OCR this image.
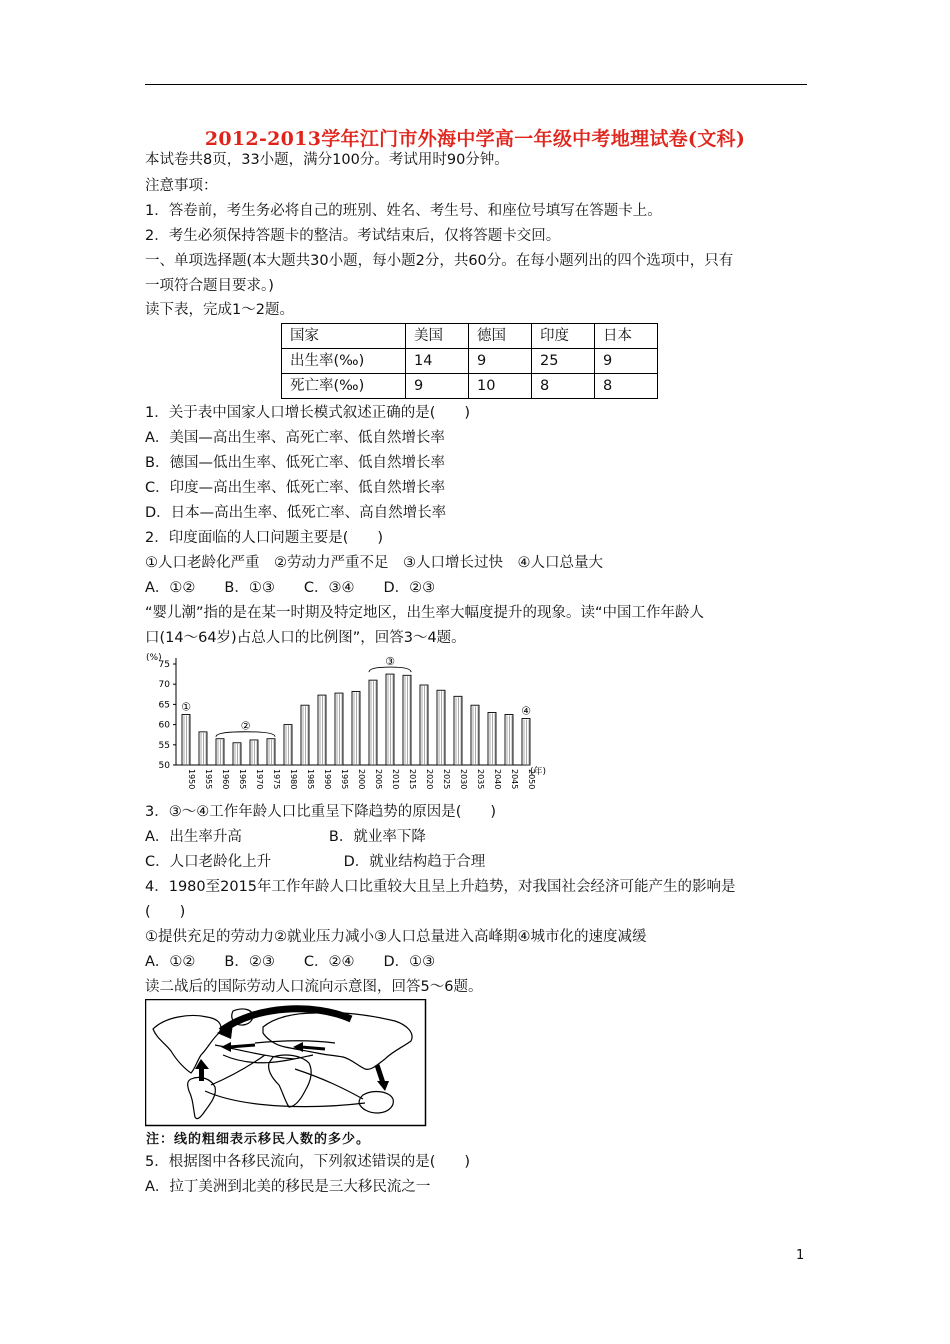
2012-2013学年江门市外海中学高一年级中考地理试卷(文科)
本试卷共8页，33小题，满分100分。考试用时90分钟。
注意事项：
1．答卷前，考生务必将自己的班别、姓名、考生号、和座位号填写在答题卡上。
2．考生必须保持答题卡的整洁。考试结束后，仅将答题卡交回。
一、单项选择题(本大题共30小题，每小题2分，共60分。在每小题列出的四个选项中，只有
一项符合题目要求。)
读下表，完成1～2题。
国家	美国	德国	印度	日本
出生率(‰)	14	9	25	9
死亡率(‰)	9	10	8	8
1．关于表中国家人口增长模式叙述正确的是(　　)
A．美国—高出生率、高死亡率、低自然增长率
B．德国—低出生率、低死亡率、低自然增长率
C．印度—高出生率、低死亡率、低自然增长率
D．日本—高出生率、低死亡率、高自然增长率
2．印度面临的人口问题主要是(　　)
①人口老龄化严重　②劳动力严重不足　③人口增长过快　④人口总量大
A．①②　　B．①③　　C．③④　　D．②③
“婴儿潮”指的是在某一时期及特定地区，出生率大幅度提升的现象。读“中国工作年龄人
口(14～64岁)占总人口的比例图”，回答3～4题。
(%)
75
70
65
60
55
50
1950 1955 1960 1965 1970 1975 1980 1985 1990 1995 2000 2005 2010 2015 2020 2025 2030 2035 2040 2045 2050
(年)
①
②
③
④
3．③～④工作年龄人口比重呈下降趋势的原因是(　　)
A．出生率升高　　　　　　B．就业率下降
C．人口老龄化上升　　　　　D．就业结构趋于合理
4．1980至2015年工作年龄人口比重较大且呈上升趋势，对我国社会经济可能产生的影响是
(　　)
①提供充足的劳动力②就业压力减小③人口总量进入高峰期④城市化的速度减缓
A．①②　　B．②③　　C．②④　　D．①③
读二战后的国际劳动人口流向示意图，回答5～6题。
注：线的粗细表示移民人数的多少。
5．根据图中各移民流向，下列叙述错误的是(　　)
A．拉丁美洲到北美的移民是三大移民流之一
1
